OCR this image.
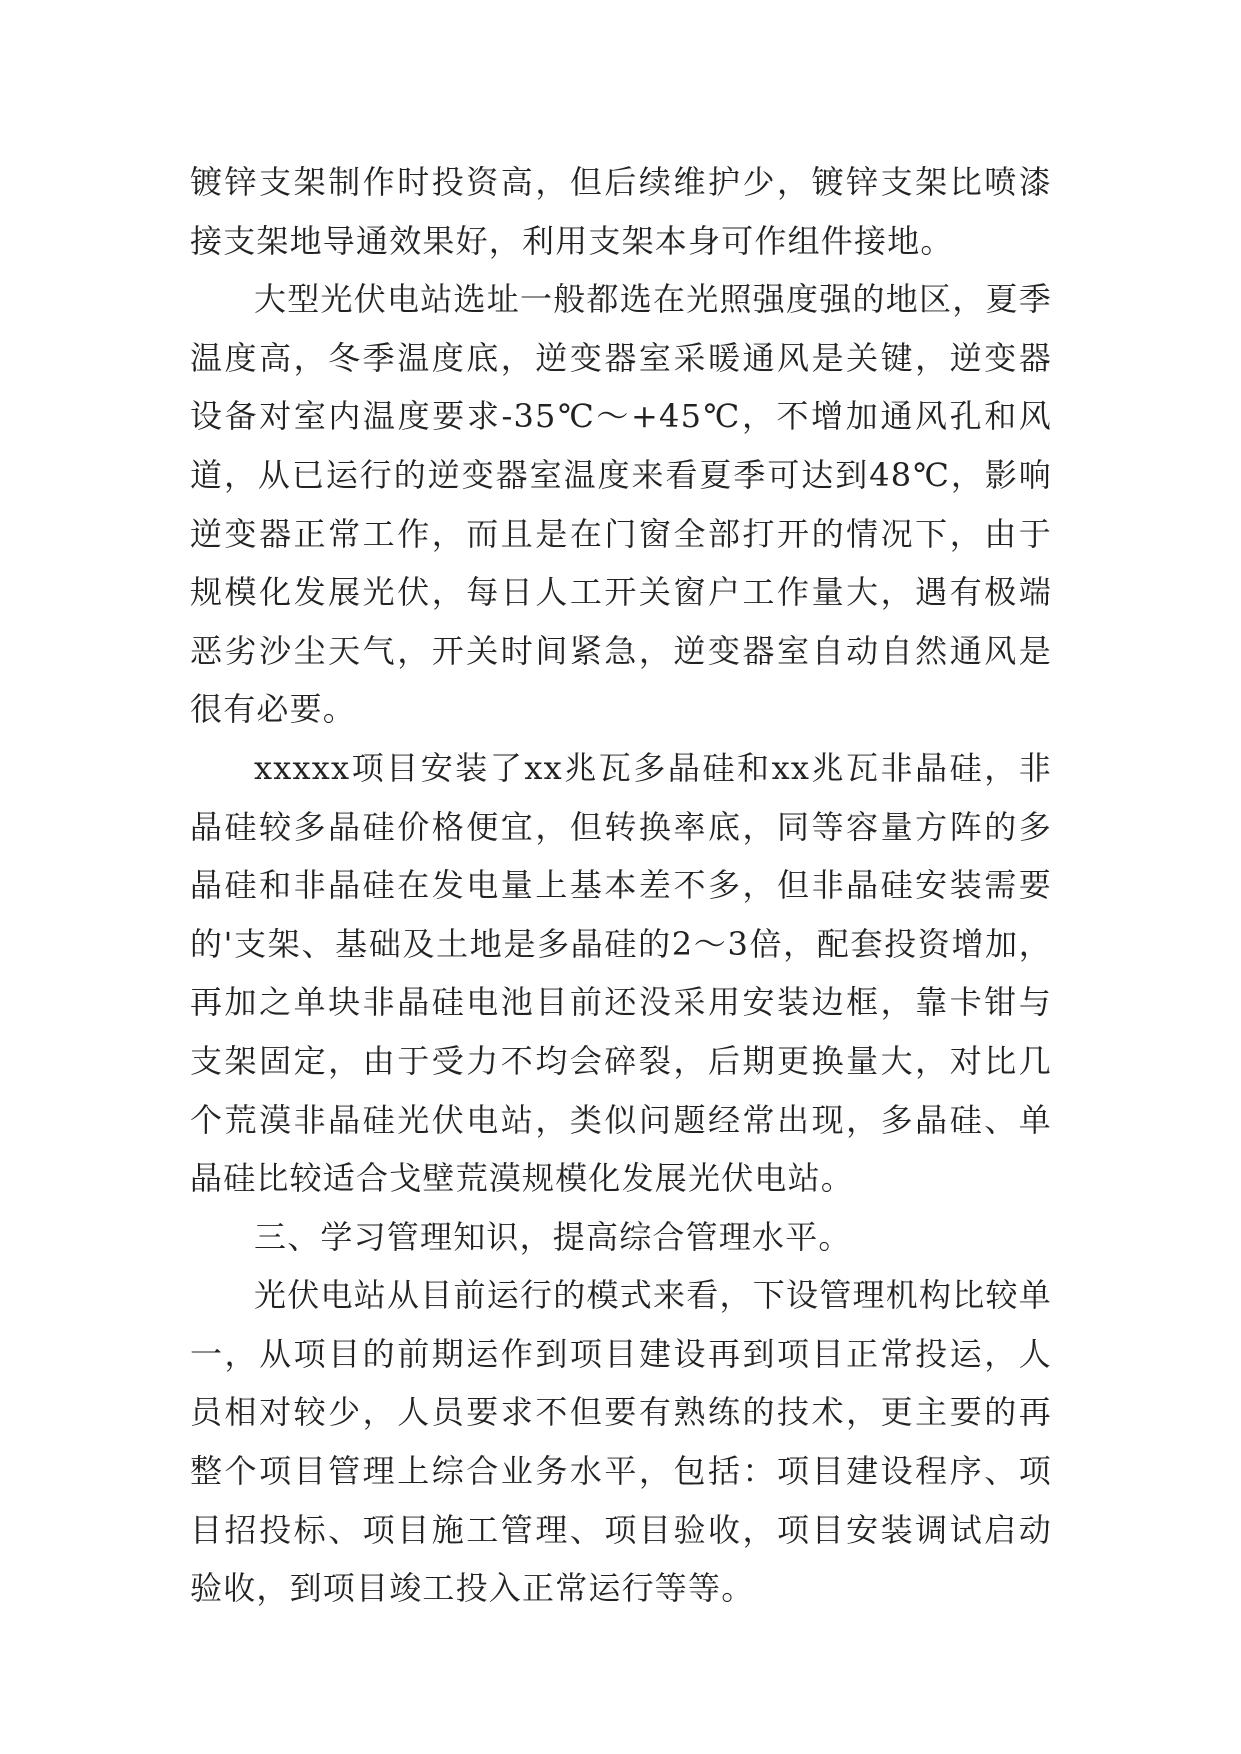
镀锌支架制作时投资高，但后续维护少，镀锌支架比喷漆接支架地导通效果好，利用支架本身可作组件接地。

大型光伏电站选址一般都选在光照强度强的地区，夏季温度高，冬季温度底，逆变器室采暖通风是关键，逆变器设备对室内温度要求-35℃～+45℃，不增加通风孔和风道，从已运行的逆变器室温度来看夏季可达到48℃，影响逆变器正常工作，而且是在门窗全部打开的情况下，由于规模化发展光伏，每日人工开关窗户工作量大，遇有极端恶劣沙尘天气，开关时间紧急，逆变器室自动自然通风是很有必要。

xxxxx项目安装了xx兆瓦多晶硅和xx兆瓦非晶硅，非晶硅较多晶硅价格便宜，但转换率底，同等容量方阵的多晶硅和非晶硅在发电量上基本差不多，但非晶硅安装需要的'支架、基础及土地是多晶硅的2～3倍，配套投资增加，再加之单块非晶硅电池目前还没采用安装边框，靠卡钳与支架固定，由于受力不均会碎裂，后期更换量大，对比几个荒漠非晶硅光伏电站，类似问题经常出现，多晶硅、单晶硅比较适合戈壁荒漠规模化发展光伏电站。

三、学习管理知识，提高综合管理水平。

光伏电站从目前运行的模式来看，下设管理机构比较单一，从项目的前期运作到项目建设再到项目正常投运，人员相对较少，人员要求不但要有熟练的技术，更主要的再整个项目管理上综合业务水平，包括：项目建设程序、项目招投标、项目施工管理、项目验收，项目安装调试启动验收，到项目竣工投入正常运行等等。
